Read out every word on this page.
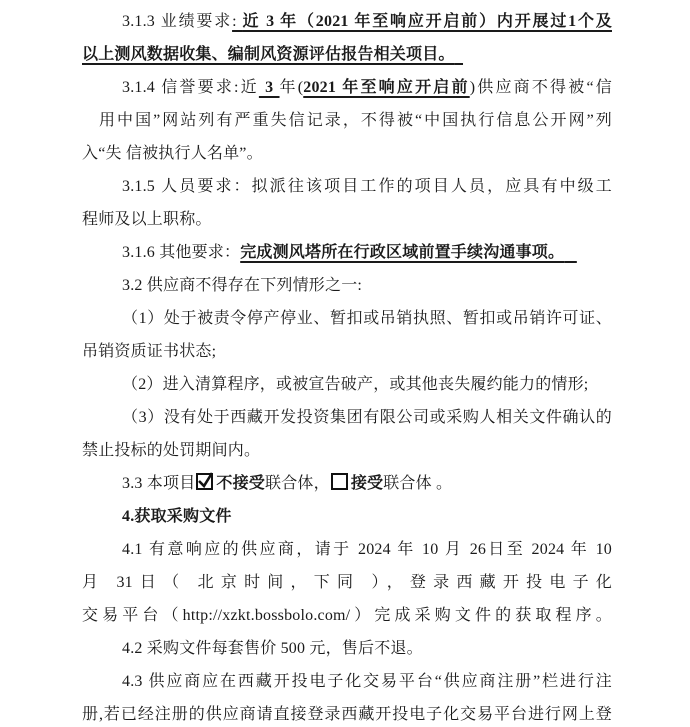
3.1.3 业绩要求: 近 3 年（2021 年至响应开启前）内开展过1个及
以上测风数据收集、编制风资源评估报告相关项目。
3.1.4 信誉要求:近 3 年(2021 年至响应开启前)供应商不得被“信
用中国”网站列有严重失信记录，不得被“中国执行信息公开网”列
入“失 信被执行人名单”。
3.1.5 人员要求：拟派往该项目工作的项目人员，应具有中级工
程师及以上职称。
3.1.6 其他要求：完成测风塔所在行政区域前置手续沟通事项。
3.2 供应商不得存在下列情形之一:
（1）处于被责令停产停业、暂扣或吊销执照、暂扣或吊销许可证、
吊销资质证书状态;
（2）进入清算程序，或被宣告破产，或其他丧失履约能力的情形;
（3）没有处于西藏开发投资集团有限公司或采购人相关文件确认的
禁止投标的处罚期间内。
3.3 本项目 不接受联合体， 接受联合体 。
4.获取采购文件
4.1 有意响应的供应商，请于 2024 年 10 月 26日至 2024 年 10
月 31日（ 北京时间，下同 ），登录西藏开投电子化
交易平台（http://xzkt.bossbolo.com/）完成采购文件的获取程序。
4.2 采购文件每套售价 500 元，售后不退。
4.3 供应商应在西藏开投电子化交易平台“供应商注册”栏进行注
册,若已经注册的供应商请直接登录西藏开投电子化交易平台进行网上登
